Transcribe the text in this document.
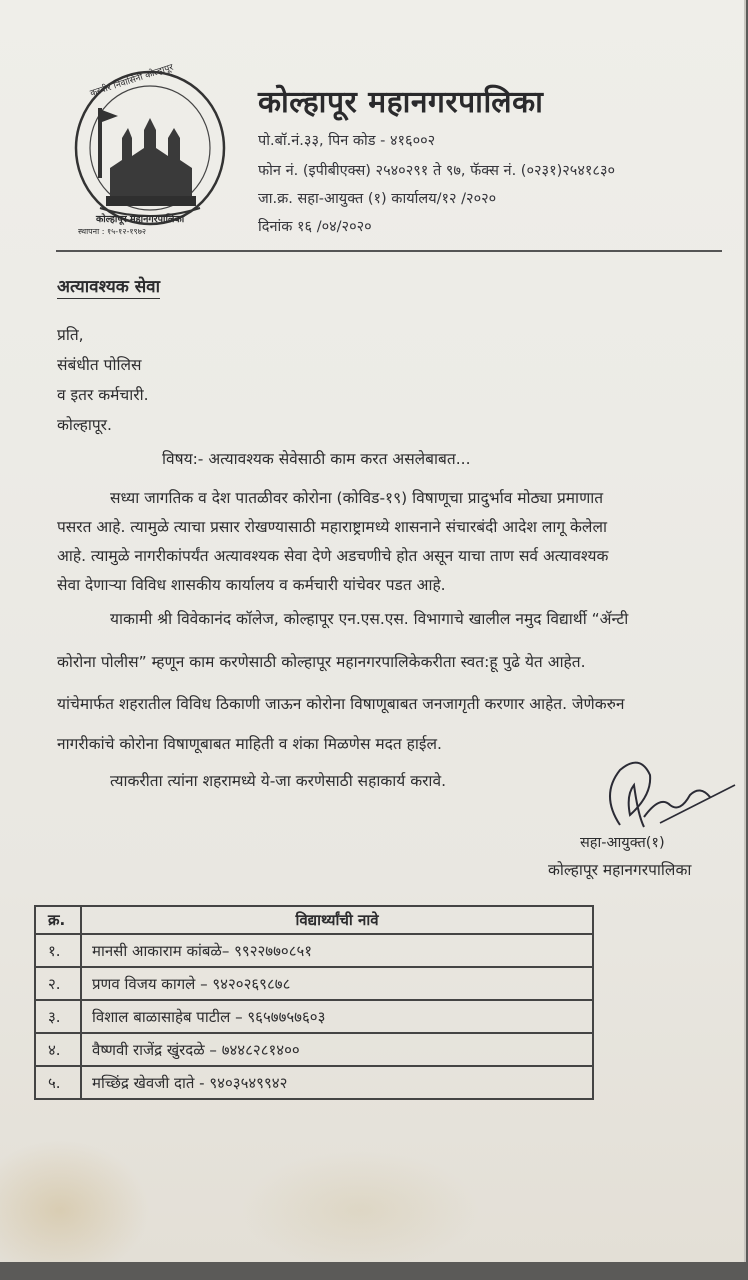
करवीर निवासिनी कोल्हापूर
कोल्हापूर महानगरपालिका
स्थापना : १५-१२-१९७२
कोल्हापूर महानगरपालिका
पो.बॉ.नं.३३, पिन कोड - ४१६००२
फोन नं. (इपीबीएक्स) २५४०२९१ ते ९७, फॅक्स नं. (०२३१)२५४१८३०
जा.क्र. सहा-आयुक्त (१) कार्यालय/१२ /२०२०
दिनांक १६ /०४/२०२०
अत्यावश्यक सेवा
प्रति,
संबंधीत पोलिस
व इतर कर्मचारी.
कोल्हापूर.
विषय:- अत्यावश्यक सेवेसाठी काम करत असलेबाबत...
सध्या जागतिक व देश पातळीवर कोरोना (कोविड-१९) विषाणूचा प्रादुर्भाव मोठ्या प्रमाणात
पसरत आहे. त्यामुळे त्याचा प्रसार रोखण्यासाठी महाराष्ट्रामध्ये शासनाने संचारबंदी आदेश लागू केलेला
आहे. त्यामुळे नागरीकांपर्यंत अत्यावश्यक सेवा देणे अडचणीचे होत असून याचा ताण सर्व अत्यावश्यक
सेवा देणाऱ्या विविध शासकीय कार्यालय व कर्मचारी यांचेवर पडत आहे.
याकामी श्री विवेकानंद कॉलेज, कोल्हापूर एन.एस.एस. विभागाचे खालील नमुद विद्यार्थी “ॲन्टी
कोरोना पोलीस” म्हणून काम करणेसाठी कोल्हापूर महानगरपालिकेकरीता स्वत:हू पुढे येत आहेत.
यांचेमार्फत शहरातील विविध ठिकाणी जाऊन कोरोना विषाणूबाबत जनजागृती करणार आहेत. जेणेकरुन
नागरीकांचे कोरोना विषाणूबाबत माहिती व शंका मिळणेस मदत हाईल.
त्याकरीता त्यांना शहरामध्ये ये-जा करणेसाठी सहाकार्य करावे.
सहा-आयुक्त(१)
कोल्हापूर महानगरपालिका
क्र.	विद्यार्थ्यांची नावे
१.	मानसी आकाराम कांबळे– ९९२२७७०८५१
२.	प्रणव विजय कागले – ९४२०२६९८७८
३.	विशाल बाळासाहेब पाटील – ९६५७७५७६०३
४.	वैष्णवी राजेंद्र खुंरदळे – ७४४८२८१४००
५.	मच्छिंद्र खेवजी दाते - ९४०३५४९९४२
